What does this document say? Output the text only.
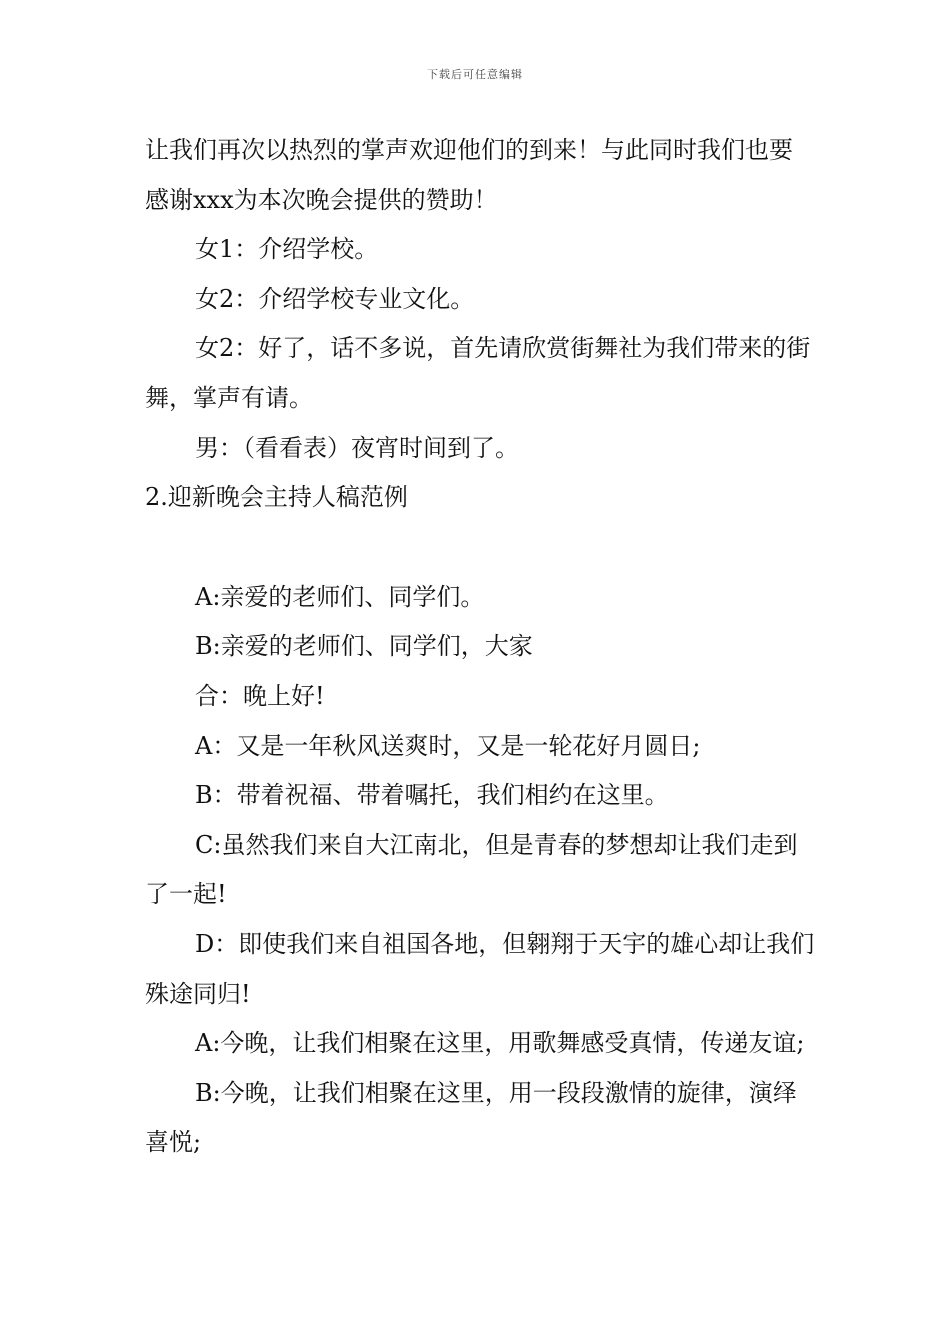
下载后可任意编辑

让我们再次以热烈的掌声欢迎他们的到来！与此同时我们也要感谢xxx为本次晚会提供的赞助！

女1：介绍学校。

女2：介绍学校专业文化。

女2：好了，话不多说，首先请欣赏街舞社为我们带来的街舞，掌声有请。

男：（看看表）夜宵时间到了。

2.迎新晚会主持人稿范例

A:亲爱的老师们、同学们。

B:亲爱的老师们、同学们，大家

合：晚上好!

A：又是一年秋风送爽时，又是一轮花好月圆日;

B：带着祝福、带着嘱托，我们相约在这里。

C:虽然我们来自大江南北，但是青春的梦想却让我们走到了一起!

D：即使我们来自祖国各地，但翱翔于天宇的雄心却让我们殊途同归!

A:今晚，让我们相聚在这里，用歌舞感受真情，传递友谊;

B:今晚，让我们相聚在这里，用一段段激情的旋律，演绎喜悦;
